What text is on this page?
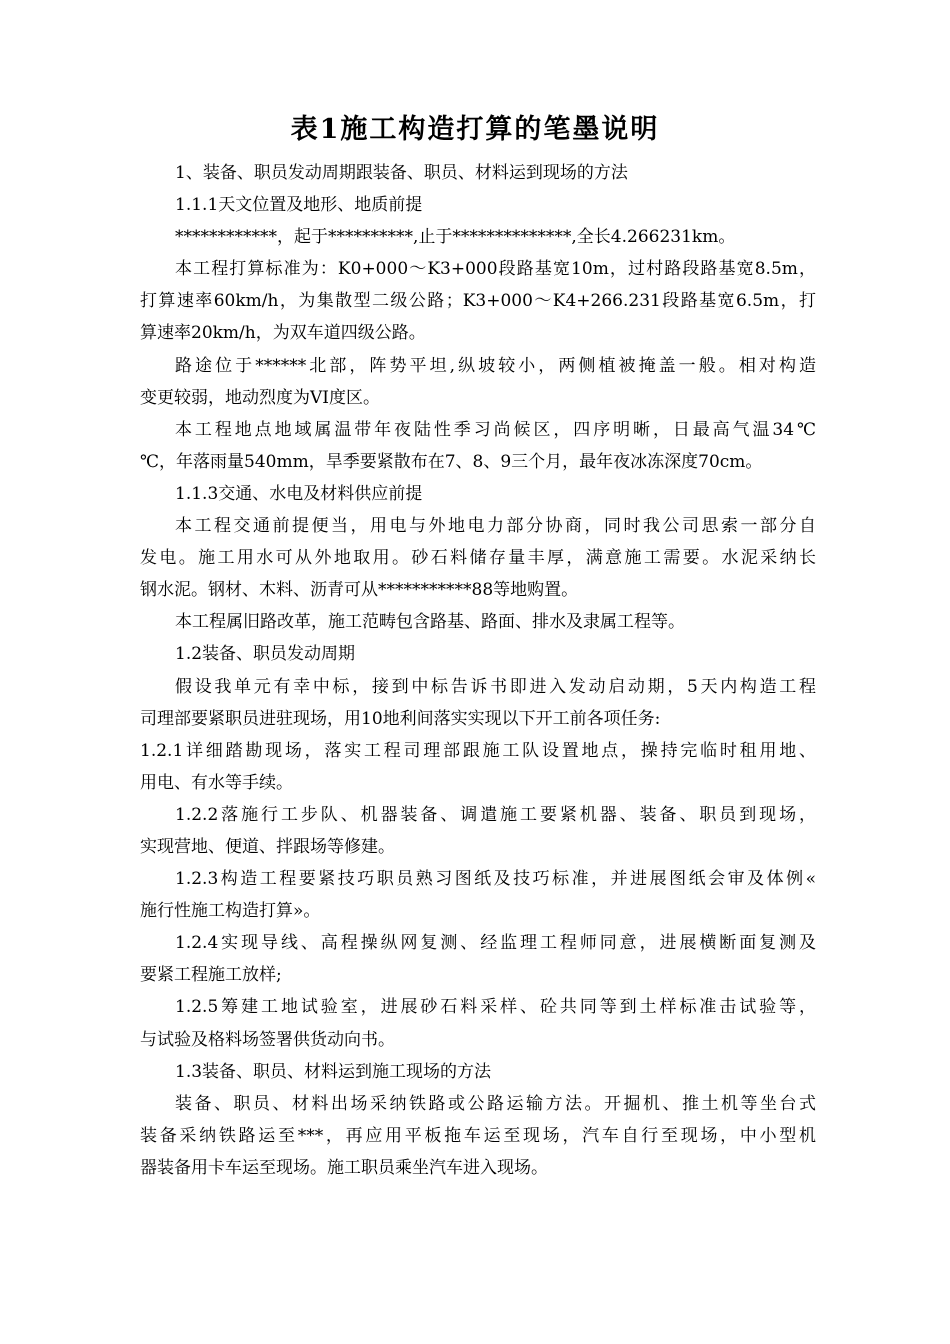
表1施工构造打算的笔墨说明
1、装备、职员发动周期跟装备、职员、材料运到现场的方法
1.1.1天文位置及地形、地质前提
************，起于**********,止于**************,全长4.266231km。
本工程打算标准为：K0+000～K3+000段路基宽10m，过村路段路基宽8.5m，
打算速率60km/h，为集散型二级公路；K3+000～K4+266.231段路基宽6.5m，打
算速率20km/h，为双车道四级公路。
路途位于******北部，阵势平坦,纵坡较小，两侧植被掩盖一般。相对构造
变更较弱，地动烈度为VI度区。
本工程地点地域属温带年夜陆性季习尚候区，四序明晰，日最高气温34℃
℃，年落雨量540mm，旱季要紧散布在7、8、9三个月，最年夜冰冻深度70cm。
1.1.3交通、水电及材料供应前提
本工程交通前提便当，用电与外地电力部分协商，同时我公司思索一部分自
发电。施工用水可从外地取用。砂石料储存量丰厚，满意施工需要。水泥采纳长
钢水泥。钢材、木料、沥青可从***********88等地购置。
本工程属旧路改革，施工范畴包含路基、路面、排水及隶属工程等。
1.2装备、职员发动周期
假设我单元有幸中标，接到中标告诉书即进入发动启动期，5天内构造工程
司理部要紧职员进驻现场，用10地利间落实实现以下开工前各项任务:
1.2.1详细踏勘现场，落实工程司理部跟施工队设置地点，操持完临时租用地、
用电、有水等手续。
1.2.2落施行工步队、机器装备、调遣施工要紧机器、装备、职员到现场，
实现营地、便道、拌跟场等修建。
1.2.3构造工程要紧技巧职员熟习图纸及技巧标准，并进展图纸会审及体例«
施行性施工构造打算»。
1.2.4实现导线、高程操纵网复测、经监理工程师同意，进展横断面复测及
要紧工程施工放样;
1.2.5筹建工地试验室，进展砂石料采样、砼共同等到土样标准击试验等，
与试验及格料场签署供货动向书。
1.3装备、职员、材料运到施工现场的方法
装备、职员、材料出场采纳铁路或公路运输方法。开掘机、推土机等坐台式
装备采纳铁路运至***，再应用平板拖车运至现场，汽车自行至现场，中小型机
器装备用卡车运至现场。施工职员乘坐汽车进入现场。
